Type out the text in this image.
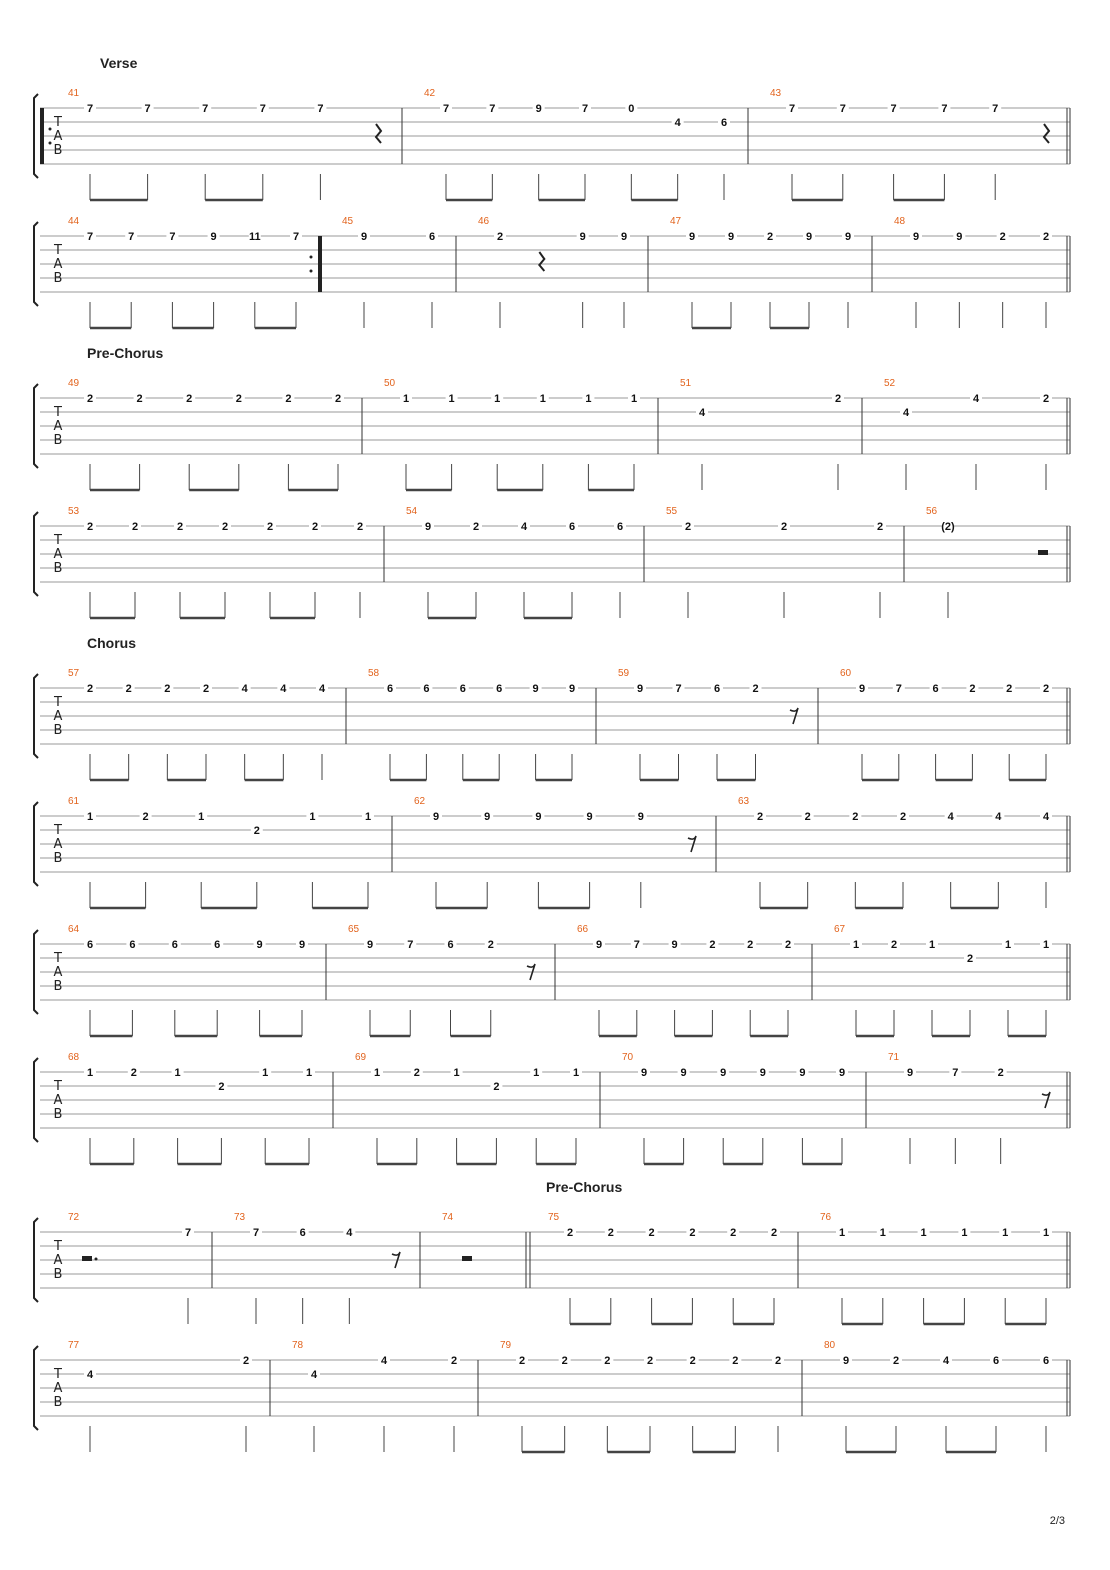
Verse
T
A
B
41
7	7	7	7	7
42
7	7	9	7	0
4	6
43
7	7	7	7	7
T
A
B
44
7	7	7	9	11	7
45
9	6
46
2	9	9
47
9	9	2	9	9
48
9	9	2	2
Pre-Chorus
T
A
B
49
2	2	2	2	2	2
50
1	1	1	1	1	1
51
4
2
52
4
4	2
T
A
B
53
2	2	2	2	2	2	2
54
9	2	4	6	6
55
2	2	2
56
(2)
Chorus
T
A
B
57
2	2	2	2	4	4	4
58
6	6	6	6	9	9
59
9	7	6	2
60
9	7	6	2	2	2
T
A
B
61
1	2	1
2
1	1
62
9	9	9	9	9
63
2	2	2	2	4	4	4
T
A
B
64
6	6	6	6	9	9
65
9	7	6	2
66
9	7	9	2	2	2
67
1	2	1
2
1	1
T
A
B
68
1	2	1
2
1	1
69
1	2	1
2
1	1
70
9	9	9	9	9	9
71
9	7	2
Pre-Chorus
T
A
B
72
7
73
7	6	4
74	75
2	2	2	2	2	2
76
1	1	1	1	1	1
T
A
B
77
4
2
78
4
4	2
79
2	2	2	2	2	2	2
80
9	2	4	6	6
2/3
